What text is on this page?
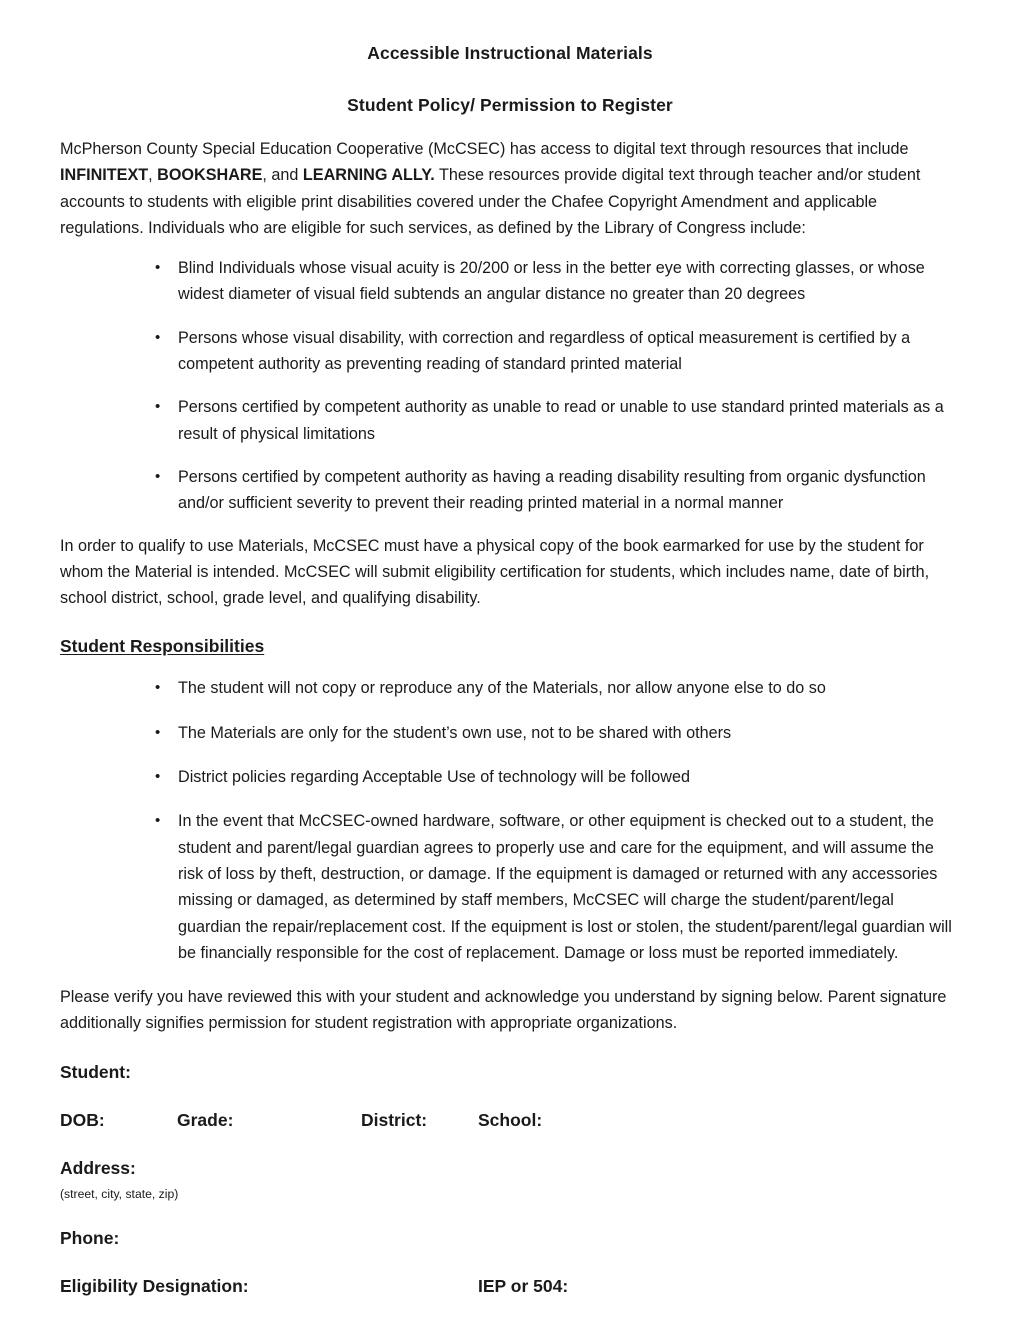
Accessible Instructional Materials
Student Policy/ Permission to Register

McPherson County Special Education Cooperative (McCSEC) has access to digital text through resources that include INFINITEXT, BOOKSHARE, and LEARNING ALLY. These resources provide digital text through teacher and/or student accounts to students with eligible print disabilities covered under the Chafee Copyright Amendment and applicable regulations. Individuals who are eligible for such services, as defined by the Library of Congress include:

• Blind Individuals whose visual acuity is 20/200 or less in the better eye with correcting glasses, or whose widest diameter of visual field subtends an angular distance no greater than 20 degrees
• Persons whose visual disability, with correction and regardless of optical measurement is certified by a competent authority as preventing reading of standard printed material
• Persons certified by competent authority as unable to read or unable to use standard printed materials as a result of physical limitations
• Persons certified by competent authority as having a reading disability resulting from organic dysfunction and/or sufficient severity to prevent their reading printed material in a normal manner

In order to qualify to use Materials, McCSEC must have a physical copy of the book earmarked for use by the student for whom the Material is intended. McCSEC will submit eligibility certification for students, which includes name, date of birth, school district, school, grade level, and qualifying disability.

Student Responsibilities
• The student will not copy or reproduce any of the Materials, nor allow anyone else to do so
• The Materials are only for the student’s own use, not to be shared with others
• District policies regarding Acceptable Use of technology will be followed
• In the event that McCSEC-owned hardware, software, or other equipment is checked out to a student, the student and parent/legal guardian agrees to properly use and care for the equipment, and will assume the risk of loss by theft, destruction, or damage. If the equipment is damaged or returned with any accessories missing or damaged, as determined by staff members, McCSEC will charge the student/parent/legal guardian the repair/replacement cost. If the equipment is lost or stolen, the student/parent/legal guardian will be financially responsible for the cost of replacement. Damage or loss must be reported immediately.

Please verify you have reviewed this with your student and acknowledge you understand by signing below. Parent signature additionally signifies permission for student registration with appropriate organizations.

Student:
DOB:	Grade:	District:	School:
Address:
(street, city, state, zip)
Phone:
Eligibility Designation:	IEP or 504:
